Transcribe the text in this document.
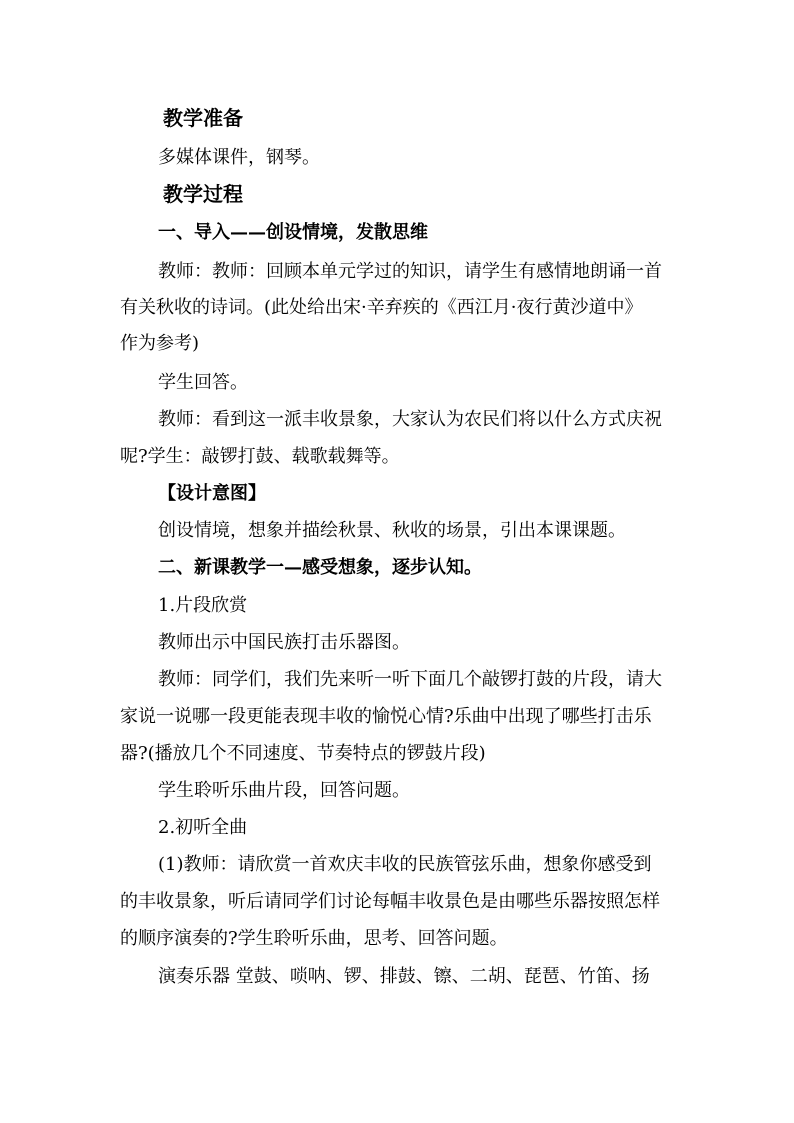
教学准备
多媒体课件，钢琴。
教学过程
一、导入——创设情境，发散思维
教师：教师：回顾本单元学过的知识，请学生有感情地朗诵一首
有关秋收的诗词。(此处给出宋·辛弃疾的《西江月·夜行黄沙道中》
作为参考)
学生回答。
教师：看到这一派丰收景象，大家认为农民们将以什么方式庆祝
呢?学生：敲锣打鼓、载歌载舞等。
【设计意图】
创设情境，想象并描绘秋景、秋收的场景，引出本课课题。
二、新课教学一—感受想象，逐步认知。
1.片段欣赏
教师出示中国民族打击乐器图。
教师：同学们，我们先来听一听下面几个敲锣打鼓的片段，请大
家说一说哪一段更能表现丰收的愉悦心情?乐曲中出现了哪些打击乐
器?(播放几个不同速度、节奏特点的锣鼓片段)
学生聆听乐曲片段，回答问题。
2.初听全曲
(1)教师：请欣赏一首欢庆丰收的民族管弦乐曲，想象你感受到
的丰收景象，听后请同学们讨论每幅丰收景色是由哪些乐器按照怎样
的顺序演奏的?学生聆听乐曲，思考、回答问题。
演奏乐器 堂鼓、唢呐、锣、排鼓、镲、二胡、琵琶、竹笛、扬
